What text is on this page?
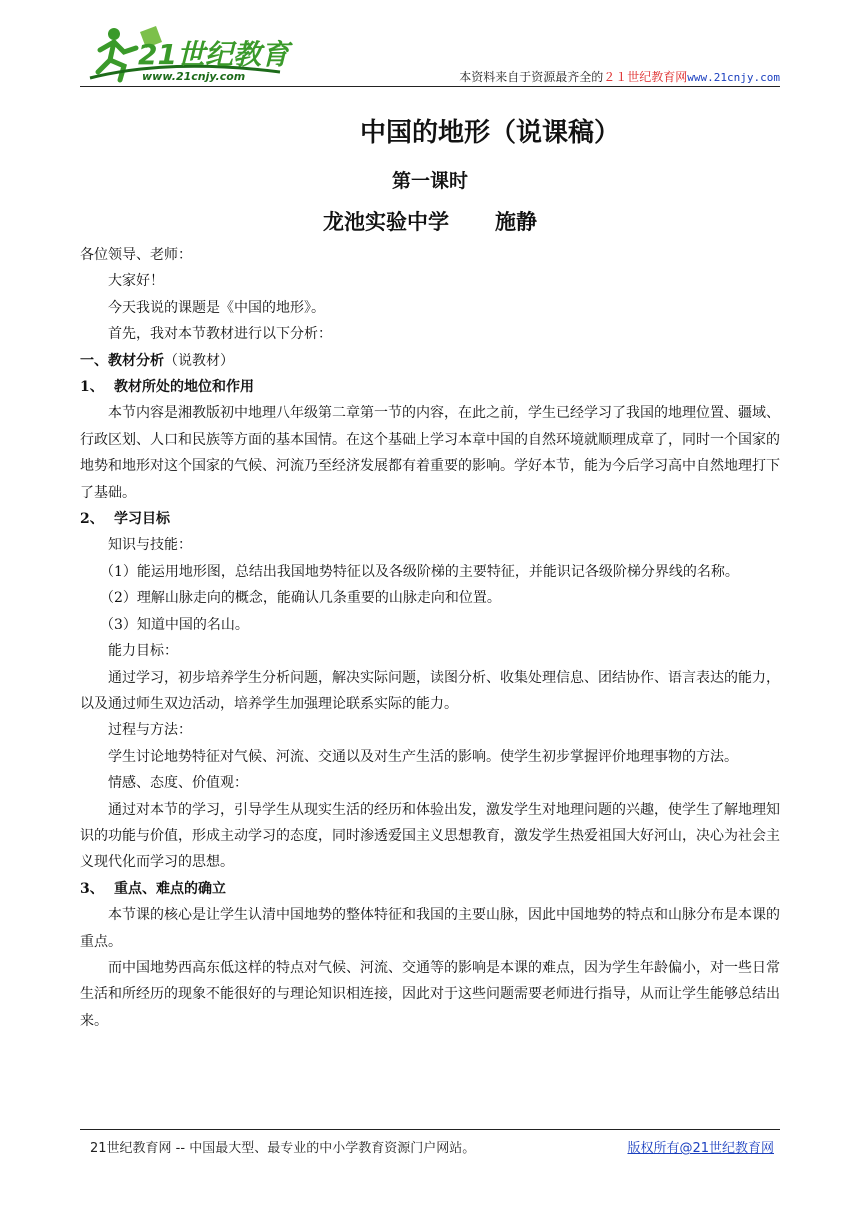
21世纪教育
www.21cnjy.com	本资料来自于资源最齐全的２１世纪教育网www.21cnjy.com
中国的地形（说课稿）
第一课时
龙池实验中学 施静

各位领导、老师：

大家好！

今天我说的课题是《中国的地形》。

首先，我对本节教材进行以下分析：

一、教材分析（说教材）

1、 教材所处的地位和作用

本节内容是湘教版初中地理八年级第二章第一节的内容，在此之前，学生已经学习了我国的地理位置、疆域、行政区划、人口和民族等方面的基本国情。在这个基础上学习本章中国的自然环境就顺理成章了，同时一个国家的地势和地形对这个国家的气候、河流乃至经济发展都有着重要的影响。学好本节，能为今后学习高中自然地理打下了基础。

2、 学习目标

知识与技能：

（1）能运用地形图，总结出我国地势特征以及各级阶梯的主要特征，并能识记各级阶梯分界线的名称。

（2）理解山脉走向的概念，能确认几条重要的山脉走向和位置。

（3）知道中国的名山。

能力目标：

通过学习，初步培养学生分析问题，解决实际问题，读图分析、收集处理信息、团结协作、语言表达的能力，以及通过师生双边活动，培养学生加强理论联系实际的能力。

过程与方法：

学生讨论地势特征对气候、河流、交通以及对生产生活的影响。使学生初步掌握评价地理事物的方法。

情感、态度、价值观：

通过对本节的学习，引导学生从现实生活的经历和体验出发，激发学生对地理问题的兴趣，使学生了解地理知识的功能与价值，形成主动学习的态度，同时渗透爱国主义思想教育，激发学生热爱祖国大好河山，决心为社会主义现代化而学习的思想。

3、 重点、难点的确立

本节课的核心是让学生认清中国地势的整体特征和我国的主要山脉，因此中国地势的特点和山脉分布是本课的重点。

而中国地势西高东低这样的特点对气候、河流、交通等的影响是本课的难点，因为学生年龄偏小，对一些日常生活和所经历的现象不能很好的与理论知识相连接，因此对于这些问题需要老师进行指导，从而让学生能够总结出来。

21世纪教育网 -- 中国最大型、最专业的中小学教育资源门户网站。	版权所有@21世纪教育网
